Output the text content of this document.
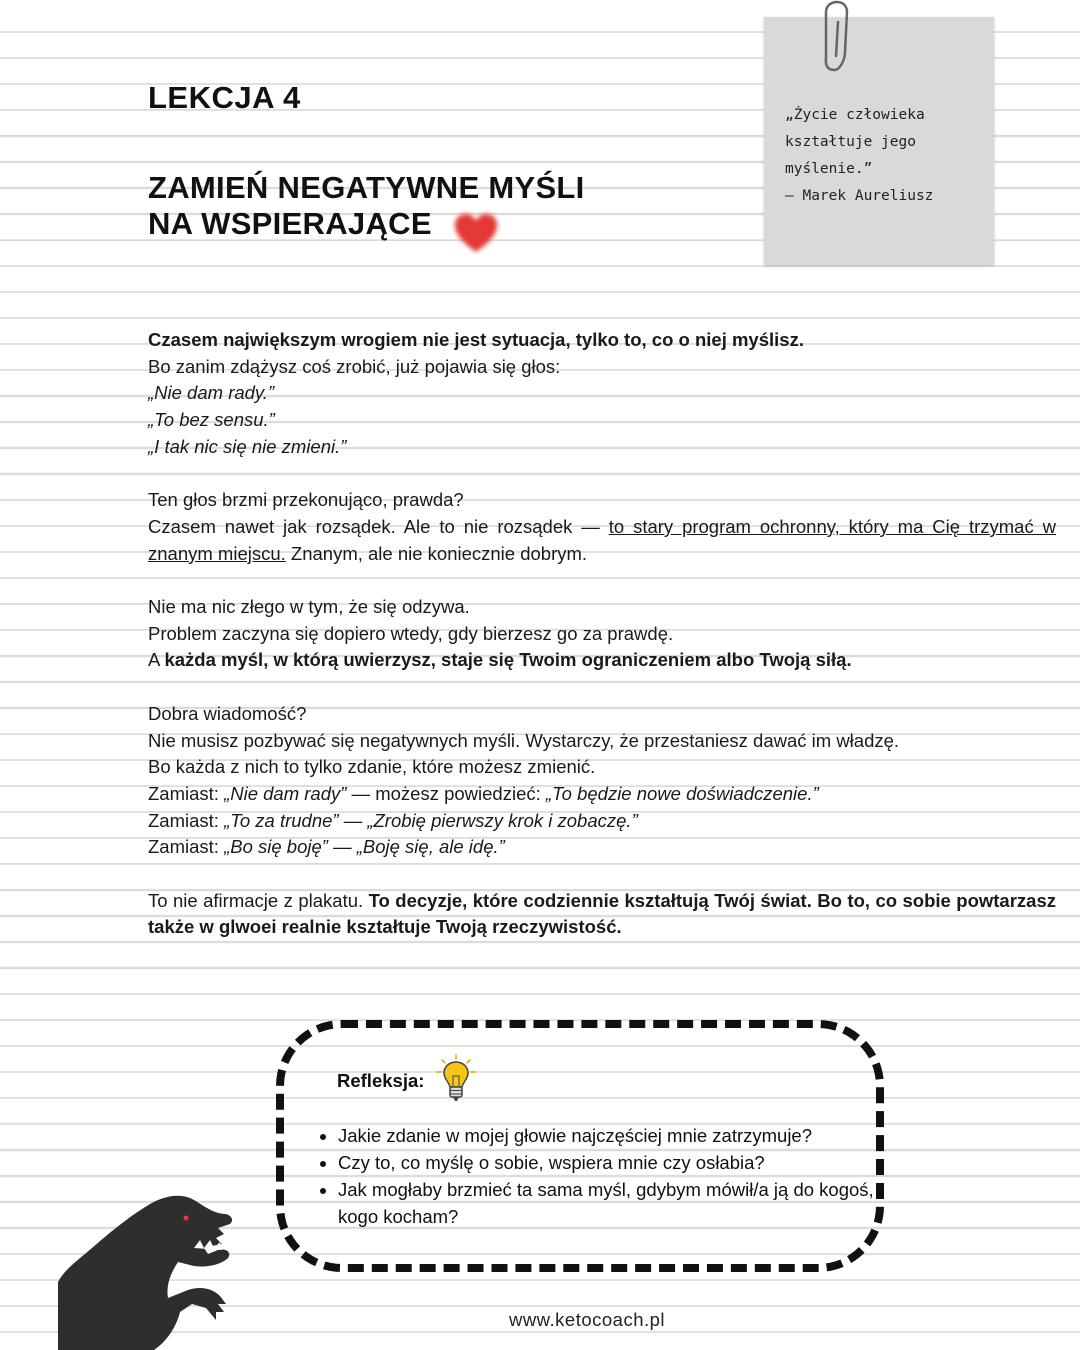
LEKCJA 4
ZAMIEŃ NEGATYWNE MYŚLI
NA WSPIERAJĄCE
„Życie człowieka
kształtuje jego
myślenie.”
— Marek Aureliusz

Czasem największym wrogiem nie jest sytuacja, tylko to, co o niej myślisz.
Bo zanim zdążysz coś zrobić, już pojawia się głos:
„Nie dam rady.”
„To bez sensu.”
„I tak nic się nie zmieni.”

Ten głos brzmi przekonująco, prawda?
Czasem nawet jak rozsądek. Ale to nie rozsądek — to stary program ochronny, który ma Cię trzymać w znanym miejscu. Znanym, ale nie koniecznie dobrym.

Nie ma nic złego w tym, że się odzywa.
Problem zaczyna się dopiero wtedy, gdy bierzesz go za prawdę.
A każda myśl, w którą uwierzysz, staje się Twoim ograniczeniem albo Twoją siłą.

Dobra wiadomość?
Nie musisz pozbywać się negatywnych myśli. Wystarczy, że przestaniesz dawać im władzę.
Bo każda z nich to tylko zdanie, które możesz zmienić.
Zamiast: „Nie dam rady” — możesz powiedzieć: „To będzie nowe doświadczenie.”
Zamiast: „To za trudne” — „Zrobię pierwszy krok i zobaczę.”
Zamiast: „Bo się boję” — „Boję się, ale idę.”

To nie afirmacje z plakatu. To decyzje, które codziennie kształtują Twój świat. Bo to, co sobie powtarzasz także w glwoei realnie kształtuje Twoją rzeczywistość.

Refleksja:
• Jakie zdanie w mojej głowie najczęściej mnie zatrzymuje?
• Czy to, co myślę o sobie, wspiera mnie czy osłabia?
• Jak mogłaby brzmieć ta sama myśl, gdybym mówił/a ją do kogoś, kogo kocham?
www.ketocoach.pl
